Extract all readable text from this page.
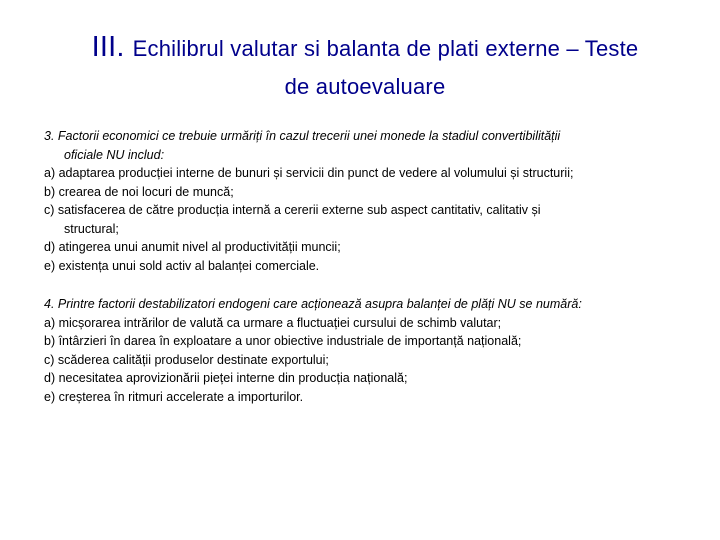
III. Echilibrul valutar si balanta de plati externe – Teste
de autoevaluare
3. Factorii economici ce trebuie urmăriți în cazul trecerii unei monede la stadiul convertibilității
oficiale NU includ:
a) adaptarea producției interne de bunuri și servicii din punct de vedere al volumului și structurii;
b) crearea de noi locuri de muncă;
c) satisfacerea de către producția internă a cererii externe sub aspect cantitativ, calitativ și
structural;
d) atingerea unui anumit nivel al productivității muncii;
e) existența unui sold activ al balanței comerciale.
4. Printre factorii destabilizatori endogeni care acționează asupra balanței de plăți NU se numără:
a) micșorarea intrărilor de valută ca urmare a fluctuației cursului de schimb valutar;
b) întârzieri în darea în exploatare a unor obiective industriale de importanță națională;
c) scăderea calității produselor destinate exportului;
d) necesitatea aprovizionării pieței interne din producția națională;
e) creșterea în ritmuri accelerate a importurilor.
